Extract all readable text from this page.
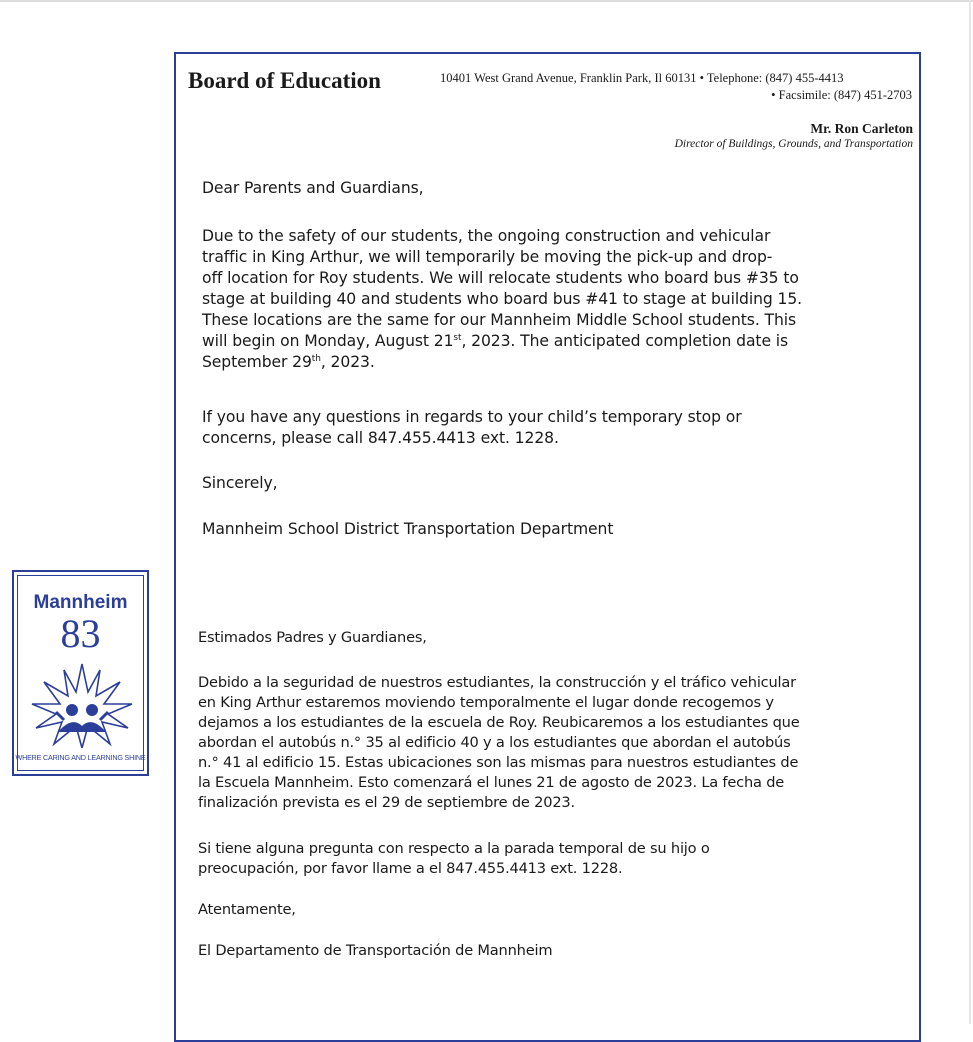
Board of Education	10401 West Grand Avenue, Franklin Park, Il 60131 • Telephone: (847) 455-4413
• Facsimile: (847) 451-2703
Mr. Ron Carleton
Director of Buildings, Grounds, and Transportation
Dear Parents and Guardians,
Due to the safety of our students, the ongoing construction and vehicular
traffic in King Arthur, we will temporarily be moving the pick-up and drop-
off location for Roy students. We will relocate students who board bus #35 to
stage at building 40 and students who board bus #41 to stage at building 15.
These locations are the same for our Mannheim Middle School students. This
will begin on Monday, August 21st, 2023. The anticipated completion date is
September 29th, 2023.
If you have any questions in regards to your child’s temporary stop or
concerns, please call 847.455.4413 ext. 1228.
Sincerely,
Mannheim School District Transportation Department
Mannheim
83
WHERE CARING AND LEARNING SHINE
Estimados Padres y Guardianes,
Debido a la seguridad de nuestros estudiantes, la construcción y el tráfico vehicular
en King Arthur estaremos moviendo temporalmente el lugar donde recogemos y
dejamos a los estudiantes de la escuela de Roy. Reubicaremos a los estudiantes que
abordan el autobús n.° 35 al edificio 40 y a los estudiantes que abordan el autobús
n.° 41 al edificio 15. Estas ubicaciones son las mismas para nuestros estudiantes de
la Escuela Mannheim. Esto comenzará el lunes 21 de agosto de 2023. La fecha de
finalización prevista es el 29 de septiembre de 2023.
Si tiene alguna pregunta con respecto a la parada temporal de su hijo o
preocupación, por favor llame a el 847.455.4413 ext. 1228.
Atentamente,
El Departamento de Transportación de Mannheim
